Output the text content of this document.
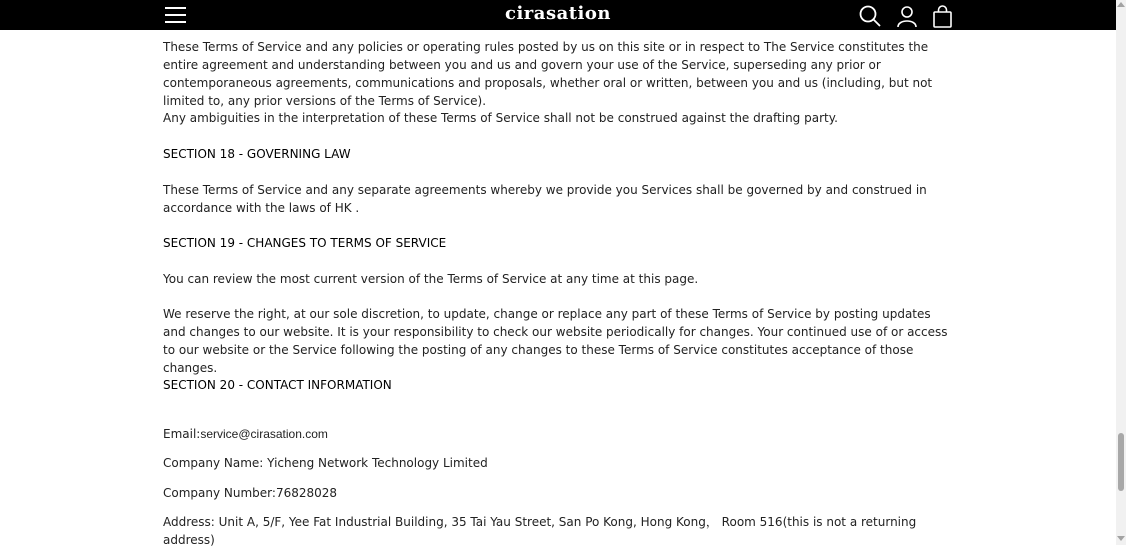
cirasation

These Terms of Service and any policies or operating rules posted by us on this site or in respect to The Service constitutes the entire agreement and understanding between you and us and govern your use of the Service, superseding any prior or contemporaneous agreements, communications and proposals, whether oral or written, between you and us (including, but not limited to, any prior versions of the Terms of Service).

Any ambiguities in the interpretation of these Terms of Service shall not be construed against the drafting party.

SECTION 18 - GOVERNING LAW

These Terms of Service and any separate agreements whereby we provide you Services shall be governed by and construed in accordance with the laws of HK .

SECTION 19 - CHANGES TO TERMS OF SERVICE

You can review the most current version of the Terms of Service at any time at this page.

We reserve the right, at our sole discretion, to update, change or replace any part of these Terms of Service by posting updates and changes to our website. It is your responsibility to check our website periodically for changes. Your continued use of or access to our website or the Service following the posting of any changes to these Terms of Service constitutes acceptance of those changes.

SECTION 20 - CONTACT INFORMATION

Email:service@cirasation.com

Company Name: Yicheng Network Technology Limited

Company Number:76828028

Address: Unit A, 5/F, Yee Fat Industrial Building, 35 Tai Yau Street, San Po Kong, Hong Kong， Room 516(this is not a returning address)
